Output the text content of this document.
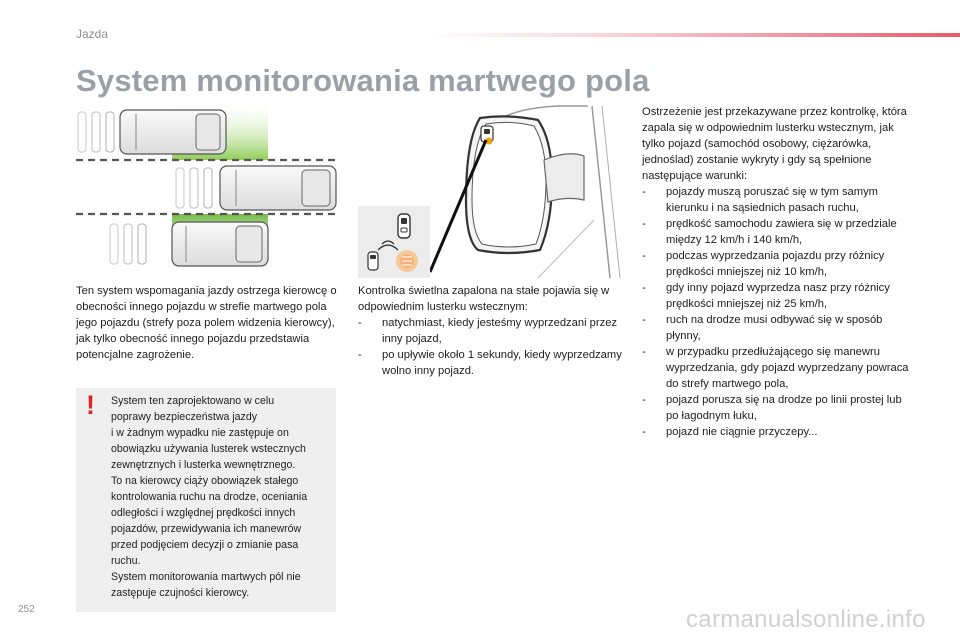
Jazda
System monitorowania martwego pola

Ten system wspomagania jazdy ostrzega kierowcę o obecności innego pojazdu w strefie martwego pola jego pojazdu (strefy poza polem widzenia kierowcy), jak tylko obecność innego pojazdu przedstawia potencjalne zagrożenie.

! System ten zaprojektowano w celu
poprawy bezpieczeństwa jazdy
i w żadnym wypadku nie zastępuje on
obowiązku używania lusterek wstecznych
zewnętrznych i lusterka wewnętrznego.
To na kierowcy ciąży obowiązek stałego
kontrolowania ruchu na drodze, oceniania
odległości i względnej prędkości innych
pojazdów, przewidywania ich manewrów
przed podjęciem decyzji o zmianie pasa
ruchu.
System monitorowania martwych pól nie
zastępuje czujności kierowcy.

Kontrolka świetlna zapalona na stałe pojawia się w odpowiednim lusterku wstecznym:

- natychmiast, kiedy jesteśmy wyprzedzani przez inny pojazd,
- po upływie około 1 sekundy, kiedy wyprzedzamy wolno inny pojazd.

Ostrzeżenie jest przekazywane przez kontrolkę, która zapala się w odpowiednim lusterku wstecznym, jak tylko pojazd (samochód osobowy, ciężarówka, jednoślad) zostanie wykryty i gdy są spełnione następujące warunki:

- pojazdy muszą poruszać się w tym samym kierunku i na sąsiednich pasach ruchu,
- prędkość samochodu zawiera się w przedziale między 12 km/h i 140 km/h,
- podczas wyprzedzania pojazdu przy różnicy prędkości mniejszej niż 10 km/h,
- gdy inny pojazd wyprzedza nasz przy różnicy prędkości mniejszej niż 25 km/h,
- ruch na drodze musi odbywać się w sposób płynny,
- w przypadku przedłużającego się manewru wyprzedzania, gdy pojazd wyprzedzany powraca do strefy martwego pola,
- pojazd porusza się na drodze po linii prostej lub po łagodnym łuku,
- pojazd nie ciągnie przyczepy...
252	carmanualsonline.info
